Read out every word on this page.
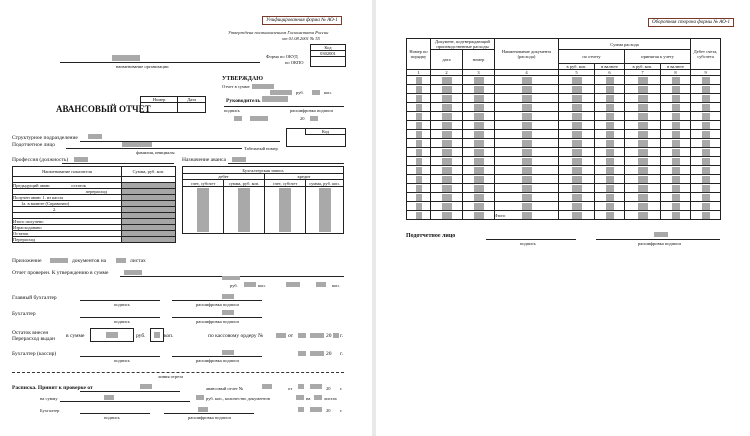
Унифицированная форма № АО-1
Утверждена постановлением Госкомстата России
от 01.08.2001 № 55
Код
0302001
Форма по ОКУД
по ОКПО
наименование организации
УТВЕРЖДАЮ
Отчет в сумме
руб.	коп.
Руководитель
подпись	расшифровка подписи
20
АВАНСОВЫЙ ОТЧЕТ
Номер	Дата

Код
Структурное подразделение
Подотчетное лицо
фамилия, инициалы
Табельный номер
Профессия (должность)	Назначение аванса
Наименование показателя	Сумма, руб. коп.

Предыдущий аванс остаток	
перерасход	
Получен аванс 1. из кассы	
1а. в валюте (Справочно)	
2.	

Итого получено	
Израсходовано	
Остаток	
Перерасход	
Бухгалтерская запись			
дебет		кредит	
счет, субсчет	сумма, руб. коп.	счет, субсчет	сумма, руб. коп.

Приложение	документов на	листах
Отчет проверен. К утверждению в сумме
руб.	коп.	коп.
Главный бухгалтер
подпись	расшифровка подписи
Бухгалтер
подпись	расшифровка подписи
Остаток внесен
Перерасход выдан в сумме	руб.	коп.	по кассовому ордеру №	от	20 г.
Бухгалтер (кассир)
подпись	расшифровка подписи
20 г.
линия отреза
Расписка. Принят к проверке от	авансовый отчет №	от	20 г.
на сумму	руб. коп., количество документов	на	листах
Бухгалтер
подпись	расшифровка подписи
20 г.
Оборотная сторона формы № АО-1
Номер по порядку	Документ, подтверждающий производственные расходы		Наименование документа (расхода)	Сумма расхода				Дебет счета, субсчета
	дата	номер		по отчету		принятая к учету		
				в руб. коп.	в валюте	в руб. коп.	в валюте	
1	2	3	4	5	6	7	8	9

Итого
Подотчетное лицо
подпись	расшифровка подписи
